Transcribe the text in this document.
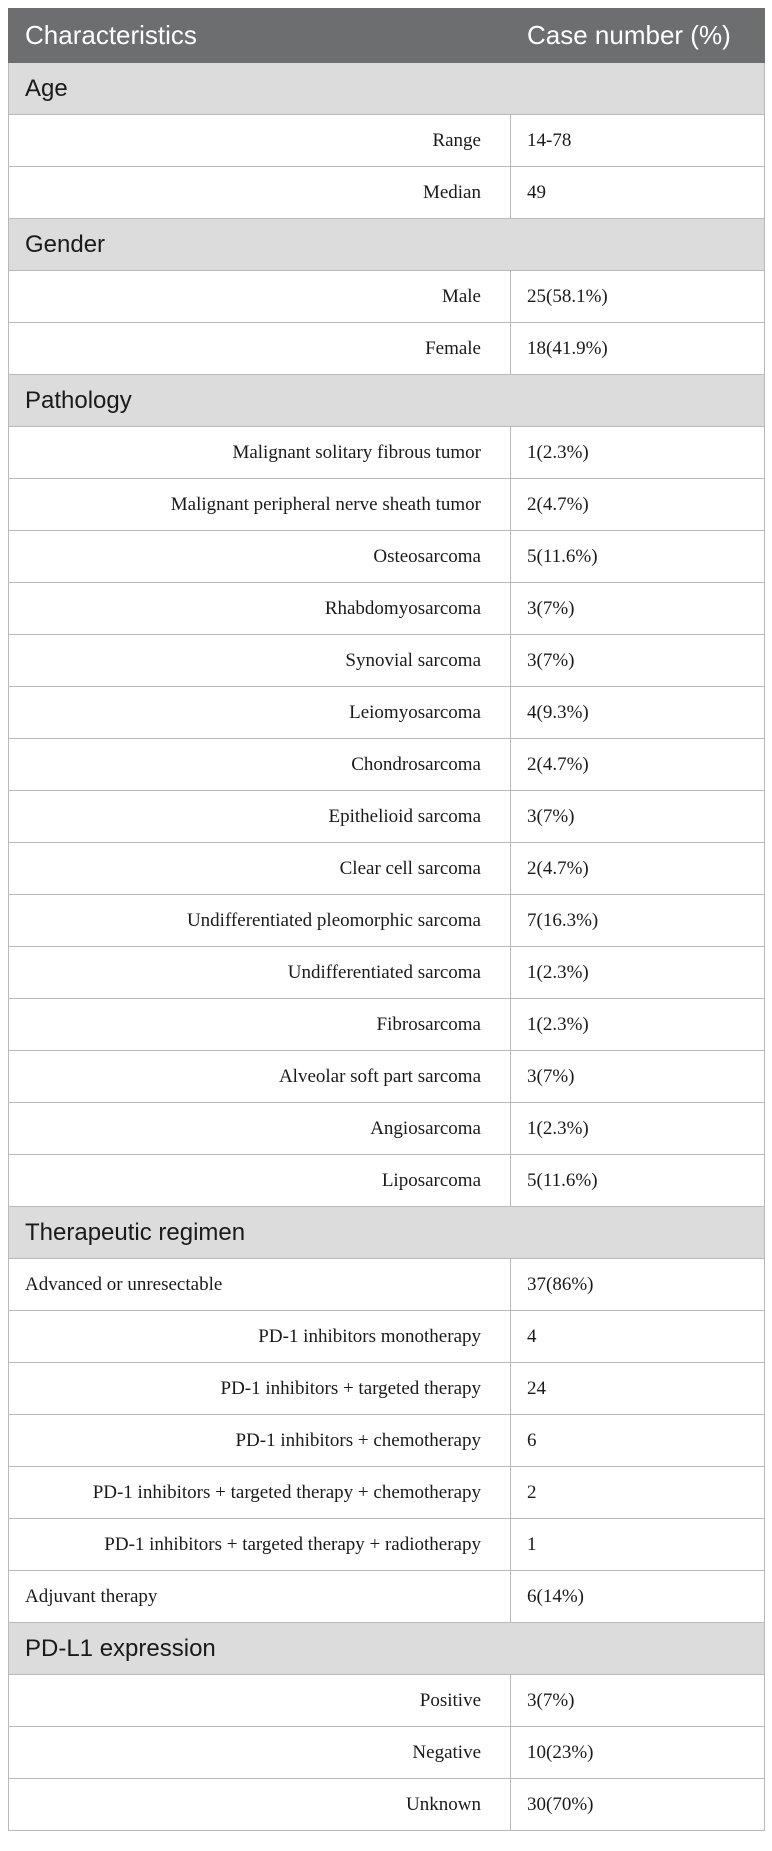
Characteristics	Case number (%)
Age	
Range	14-78
Median	49
Gender	
Male	25(58.1%)
Female	18(41.9%)
Pathology	
Malignant solitary fibrous tumor	1(2.3%)
Malignant peripheral nerve sheath tumor	2(4.7%)
Osteosarcoma	5(11.6%)
Rhabdomyosarcoma	3(7%)
Synovial sarcoma	3(7%)
Leiomyosarcoma	4(9.3%)
Chondrosarcoma	2(4.7%)
Epithelioid sarcoma	3(7%)
Clear cell sarcoma	2(4.7%)
Undifferentiated pleomorphic sarcoma	7(16.3%)
Undifferentiated sarcoma	1(2.3%)
Fibrosarcoma	1(2.3%)
Alveolar soft part sarcoma	3(7%)
Angiosarcoma	1(2.3%)
Liposarcoma	5(11.6%)
Therapeutic regimen	
Advanced or unresectable	37(86%)
PD-1 inhibitors monotherapy	4
PD-1 inhibitors + targeted therapy	24
PD-1 inhibitors + chemotherapy	6
PD-1 inhibitors + targeted therapy + chemotherapy	2
PD-1 inhibitors + targeted therapy + radiotherapy	1
Adjuvant therapy	6(14%)
PD-L1 expression	
Positive	3(7%)
Negative	10(23%)
Unknown	30(70%)
